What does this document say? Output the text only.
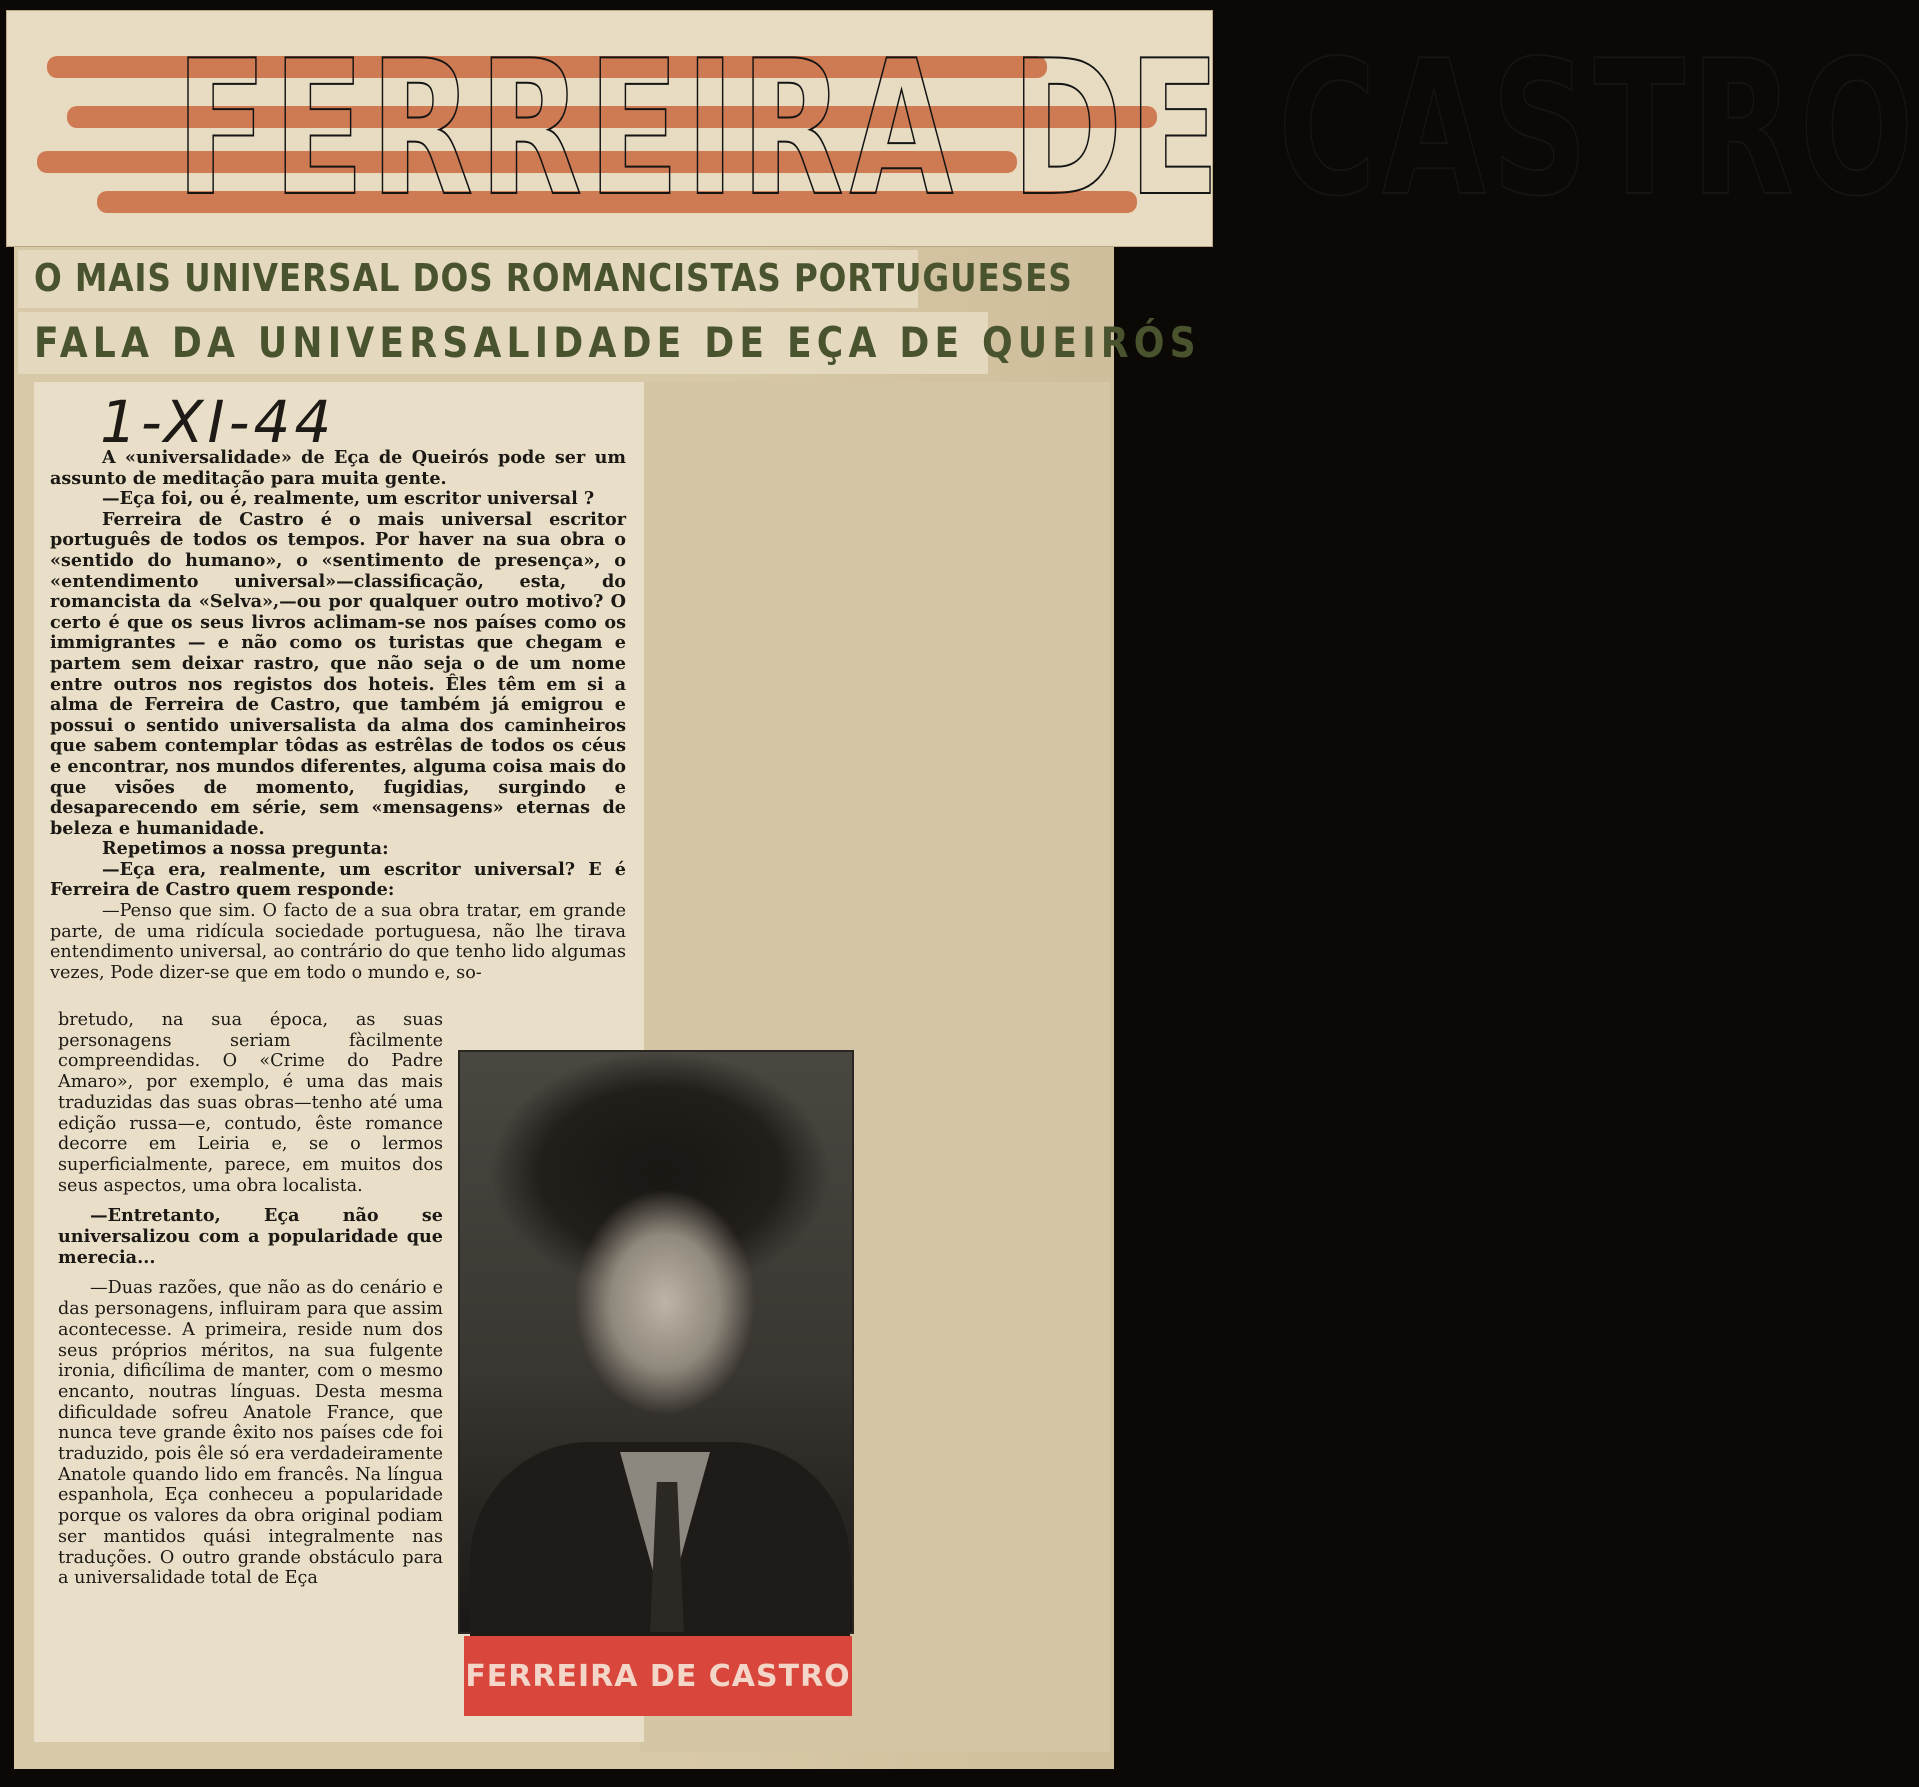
FERREIRA DE CASTRO
O MAIS UNIVERSAL DOS ROMANCISTAS PORTUGUESES
FALA DA UNIVERSALIDADE DE EÇA DE QUEIRÓS
1-XI-44

A «universalidade» de Eça de Queirós pode ser um assunto de meditação para muita gente.

—Eça foi, ou é, realmente, um escritor universal ?

Ferreira de Castro é o mais universal escritor português de todos os tempos. Por haver na sua obra o «sentido do humano», o «sentimento de presença», o «entendimento universal»—classificação, esta, do romancista da «Selva»,—ou por qualquer outro motivo? O certo é que os seus livros aclimam-se nos países como os immigrantes — e não como os turistas que chegam e partem sem deixar rastro, que não seja o de um nome entre outros nos registos dos hoteis. Êles têm em si a alma de Ferreira de Castro, que também já emigrou e possui o sentido universalista da alma dos caminheiros que sabem contemplar tôdas as estrêlas de todos os céus e encontrar, nos mundos diferentes, alguma coisa mais do que visões de momento, fugidias, surgindo e desaparecendo em série, sem «mensagens» eternas de beleza e humanidade.

Repetimos a nossa pregunta:

—Eça era, realmente, um escritor universal? E é Ferreira de Castro quem responde:

—Penso que sim. O facto de a sua obra tratar, em grande parte, de uma ridícula sociedade portuguesa, não lhe tirava entendimento universal, ao contrário do que tenho lido algumas vezes, Pode dizer-se que em todo o mundo e, so-

bretudo, na sua época, as suas personagens seriam fàcilmente compreendidas. O «Crime do Padre Amaro», por exemplo, é uma das mais traduzidas das suas obras—tenho até uma edição russa—e, contudo, êste romance decorre em Leiria e, se o lermos superficialmente, parece, em muitos dos seus aspectos, uma obra localista.

—Entretanto, Eça não se universalizou com a popularidade que merecia...

—Duas razões, que não as do cenário e das personagens, influiram para que assim acontecesse. A primeira, reside num dos seus próprios méritos, na sua fulgente ironia, dificílima de manter, com o mesmo encanto, noutras línguas. Desta mesma dificuldade sofreu Anatole France, que nunca teve grande êxito nos países cde foi traduzido, pois êle só era verdadeiramente Anatole quando lido em francês. Na língua espanhola, Eça conheceu a popularidade porque os valores da obra original podiam ser mantidos quási integralmente nas traduções. O outro grande obstáculo para a universalidade total de Eça

FERREIRA DE CASTRO
